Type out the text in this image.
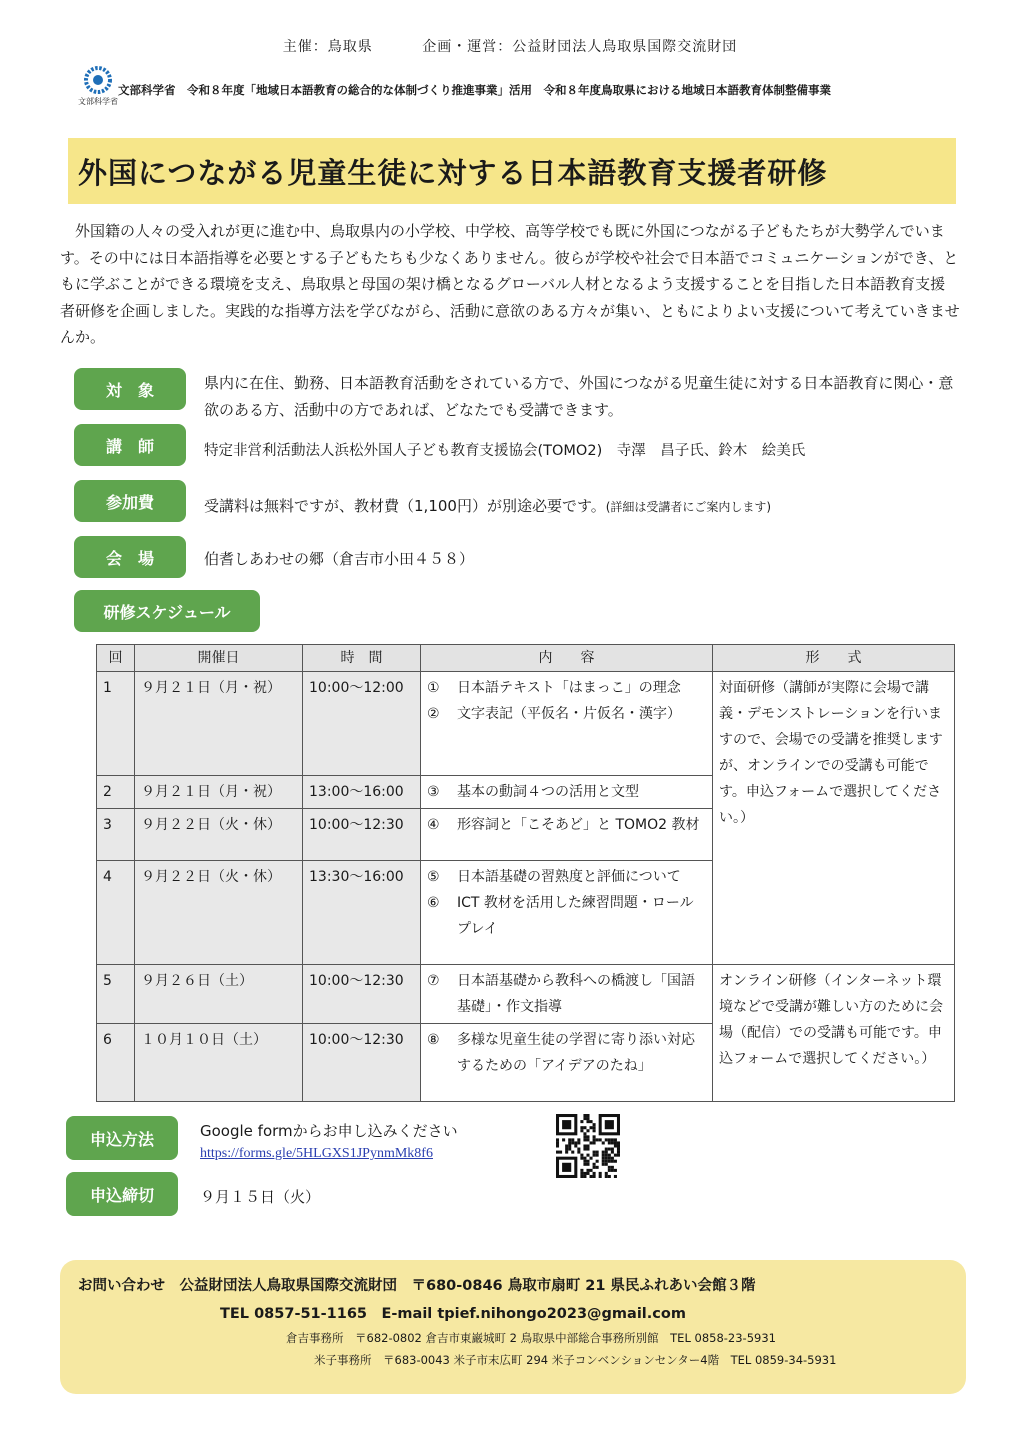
主催：鳥取県	企画・運営：公益財団法人鳥取県国際交流財団
文部科学省
文部科学省　令和８年度「地域日本語教育の総合的な体制づくり推進事業」活用　令和８年度鳥取県における地域日本語教育体制整備事業
外国につながる児童生徒に対する日本語教育支援者研修

外国籍の人々の受入れが更に進む中、鳥取県内の小学校、中学校、高等学校でも既に外国につながる子どもたちが大勢学んでいます。その中には日本語指導を必要とする子どもたちも少なくありません。彼らが学校や社会で日本語でコミュニケーションができ、ともに学ぶことができる環境を支え、鳥取県と母国の架け橋となるグローバル人材となるよう支援することを目指した日本語教育支援者研修を企画しました。実践的な指導方法を学びながら、活動に意欲のある方々が集い、ともによりよい支援について考えていきませんか。

対　象	県内に在住、勤務、日本語教育活動をされている方で、外国につながる児童生徒に対する日本語教育に関心・意欲のある方、活動中の方であれば、どなたでも受講できます。
講　師	特定非営利活動法人浜松外国人子ども教育支援協会(TOMO2)　寺澤　昌子氏、鈴木　絵美氏
参加費	受講料は無料ですが、教材費（1,100円）が別途必要です。(詳細は受講者にご案内します)
会　場	伯耆しあわせの郷（倉吉市小田４５８）
研修スケジュール
回	開催日	時　間	内　　容	形　　式
1	９月２１日（月・祝）	10:00～12:00	① 日本語テキスト「はまっこ」の理念
② 文字表記（平仮名・片仮名・漢字）	対面研修（講師が実際に会場で講義・デモンストレーションを行いますので、会場での受講を推奨しますが、オンラインでの受講も可能です。申込フォームで選択してください。）
2	９月２１日（月・祝）	13:00～16:00	③ 基本の動詞４つの活用と文型	

3	９月２２日（火・休）	10:00～12:30	④ 形容詞と「こそあど」と TOMO2 教材	

4	９月２２日（火・休）	13:30～16:00	⑤ 日本語基礎の習熟度と評価について
⑥ ICT 教材を活用した練習問題・ロールプレイ	

5	９月２６日（土）	10:00～12:30	⑦ 日本語基礎から教科への橋渡し「国語基礎」・作文指導	オンライン研修（インターネット環境などで受講が難しい方のために会場（配信）での受講も可能です。申込フォームで選択してください。）
6	１０月１０日（土）	10:00～12:30	⑧ 多様な児童生徒の学習に寄り添い対応するための「アイデアのたね」	
申込方法	Google formからお申し込みください
https://forms.gle/5HLGXS1JPynmMk8f6
申込締切	９月１５日（火）
お問い合わせ　 公益財団法人鳥取県国際交流財団　〒680-0846 鳥取市扇町 21 県民ふれあい会館３階
TEL 0857-51-1165　E-mail tpief.nihongo2023@gmail.com
倉吉事務所　 〒682-0802 倉吉市東巌城町 2 鳥取県中部総合事務所別館　 TEL 0858-23-5931
米子事務所　 〒683-0043 米子市末広町 294 米子コンベンションセンター4階　 TEL 0859-34-5931
